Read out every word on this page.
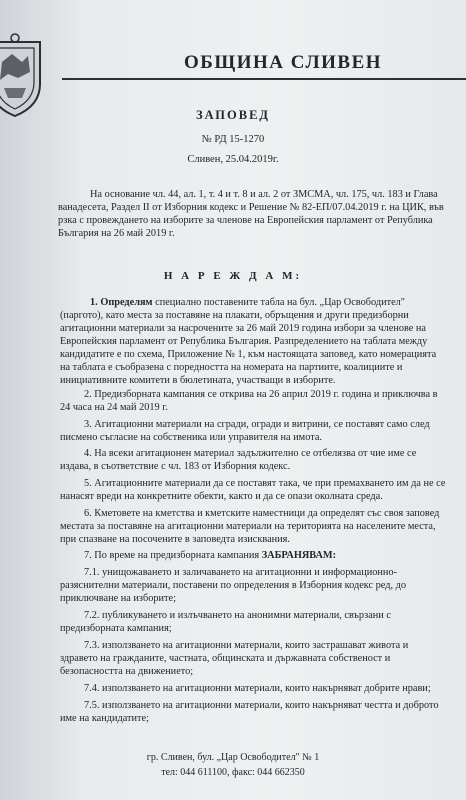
ОБЩИНА СЛИВЕН
ЗАПОВЕД
№ РД 15-1270
Сливен, 25.04.2019г.
На основание чл. 44, ал. 1, т. 4 и т. 8 и ал. 2 от ЗМСМА, чл. 175, чл. 183 и Глава
ванадесета, Раздел II от Изборния кодекс и Решение № 82-ЕП/07.04.2019 г. на ЦИК, във
рзка с провеждането на изборите за членове на Европейския парламент от Република
България на 26 май 2019 г.
Н А Р Е Ж Д А М:
1. Определям специално поставените табла на бул. „Цар Освободител"
(паргото), като места за поставяне на плакати, обръщения и други предизборни
агитационни материали за насрочените за 26 май 2019 година избори за членове на
Европейския парламент от Република България. Разпределението на таблата между
кандидатите е по схема, Приложение № 1, към настоящата заповед, като номерацията
на таблата е съобразена с поредността на номерата на партиите, коалициите и
инициативните комитети в бюлетината, участващи в изборите.
2. Предизборната кампания се открива на 26 април 2019 г. година и приключва в
24 часа на 24 май 2019 г.
3. Агитационни материали на сгради, огради и витрини, се поставят само след
писмено съгласие на собственика или управителя на имота.
4. На всеки агитационен материал задължително се отбелязва от чие име се
издава, в съответствие с чл. 183 от Изборния кодекс.
5. Агитационните материали да се поставят така, че при премахването им да не се
нанасят вреди на конкретните обекти, както и да се опази околната среда.
6. Кметовете на кметства и кметските наместници да определят със своя заповед
местата за поставяне на агитационни материали на територията на населените места,
при спазване на посочените в заповедта изисквания.
7. По време на предизборната кампания ЗАБРАНЯВАМ:
7.1. унищожаването и заличаването на агитационни и информационно-
разяснителни материали, поставени по определения в Изборния кодекс ред, до
приключване на изборите;
7.2. публикуването и излъчването на анонимни материали, свързани с
предизборната кампания;
7.3. използването на агитационни материали, които застрашават живота и
здравето на гражданите, частната, общинската и държавната собственост и
безопасността на движението;
7.4. използването на агитационни материали, които накърняват добрите нрави;
7.5. използването на агитационни материали, които накърняват честта и доброто
име на кандидатите;
гр. Сливен, бул. „Цар Освободител" № 1
тел: 044 611100, факс: 044 662350
